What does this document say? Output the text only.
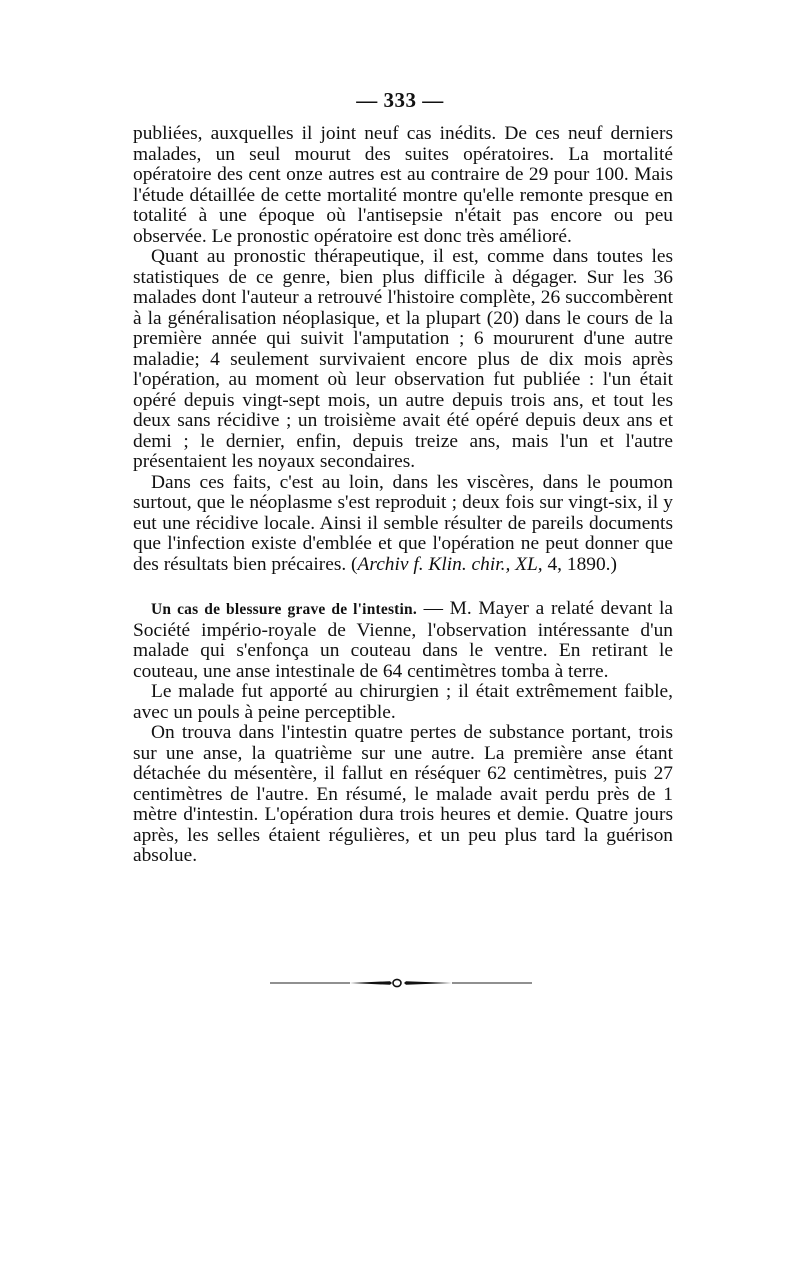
— 333 —

publiées, auxquelles il joint neuf cas inédits. De ces neuf derniers malades, un seul mourut des suites opératoires. La mortalité opératoire des cent onze autres est au contraire de 29 pour 100. Mais l'étude détaillée de cette mortalité montre qu'elle remonte presque en totalité à une époque où l'antisepsie n'était pas encore ou peu observée. Le pronostic opératoire est donc très amélioré.

Quant au pronostic thérapeutique, il est, comme dans toutes les statistiques de ce genre, bien plus difficile à dégager. Sur les 36 malades dont l'auteur a retrouvé l'histoire complète, 26 succombèrent à la généralisation néoplasique, et la plupart (20) dans le cours de la première année qui suivit l'amputation ; 6 moururent d'une autre maladie; 4 seulement survivaient encore plus de dix mois après l'opération, au moment où leur observation fut publiée : l'un était opéré depuis vingt-sept mois, un autre depuis trois ans, et tout les deux sans récidive ; un troisième avait été opéré depuis deux ans et demi ; le dernier, enfin, depuis treize ans, mais l'un et l'autre présentaient les noyaux secondaires.

Dans ces faits, c'est au loin, dans les viscères, dans le poumon surtout, que le néoplasme s'est reproduit ; deux fois sur vingt-six, il y eut une récidive locale. Ainsi il semble résulter de pareils documents que l'infection existe d'emblée et que l'opération ne peut donner que des résultats bien précaires. (Archiv f. Klin. chir., XL, 4, 1890.)

Un cas de blessure grave de l'intestin. — M. Mayer a relaté devant la Société império-royale de Vienne, l'observation intéressante d'un malade qui s'enfonça un couteau dans le ventre. En retirant le couteau, une anse intestinale de 64 centimètres tomba à terre.

Le malade fut apporté au chirurgien ; il était extrêmement faible, avec un pouls à peine perceptible.

On trouva dans l'intestin quatre pertes de substance portant, trois sur une anse, la quatrième sur une autre. La première anse étant détachée du mésentère, il fallut en réséquer 62 centimètres, puis 27 centimètres de l'autre. En résumé, le malade avait perdu près de 1 mètre d'intestin. L'opération dura trois heures et demie. Quatre jours après, les selles étaient régulières, et un peu plus tard la guérison absolue.
